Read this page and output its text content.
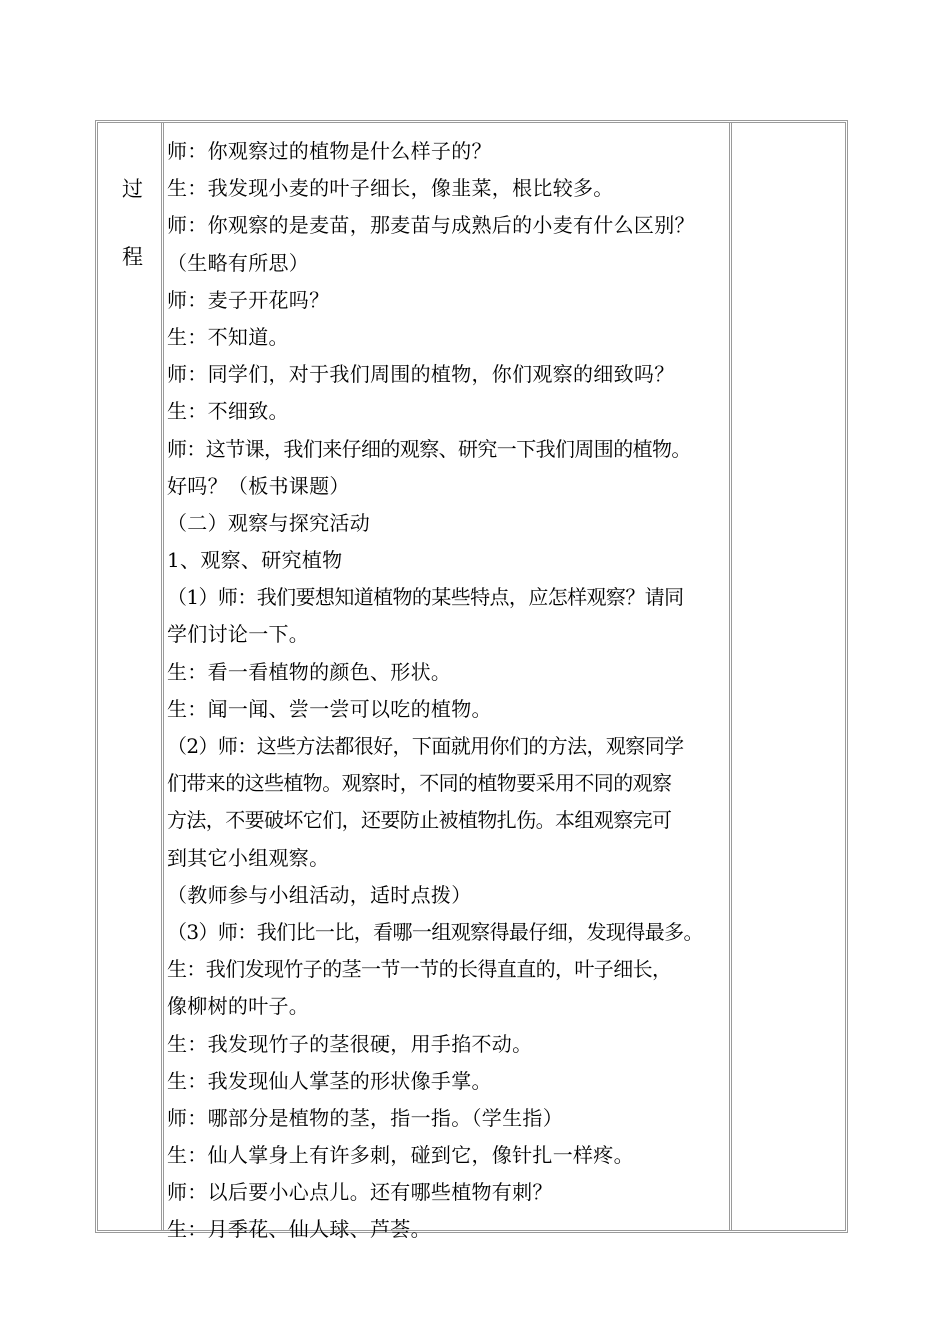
过
程
师：你观察过的植物是什么样子的？
生：我发现小麦的叶子细长，像韭菜，根比较多。
师：你观察的是麦苗，那麦苗与成熟后的小麦有什么区别？
（生略有所思）
师：麦子开花吗？
生：不知道。
师：同学们，对于我们周围的植物，你们观察的细致吗？
生：不细致。
师：这节课，我们来仔细的观察、研究一下我们周围的植物。
好吗？（板书课题）
（二）观察与探究活动
1、观察、研究植物
（1）师：我们要想知道植物的某些特点，应怎样观察？请同
学们讨论一下。
生：看一看植物的颜色、形状。
生：闻一闻、尝一尝可以吃的植物。
（2）师：这些方法都很好，下面就用你们的方法，观察同学
们带来的这些植物。观察时，不同的植物要采用不同的观察
方法，不要破坏它们，还要防止被植物扎伤。本组观察完可
到其它小组观察。
（教师参与小组活动，适时点拨）
（3）师：我们比一比，看哪一组观察得最仔细，发现得最多。
生：我们发现竹子的茎一节一节的长得直直的，叶子细长，
像柳树的叶子。
生：我发现竹子的茎很硬，用手掐不动。
生：我发现仙人掌茎的形状像手掌。
师：哪部分是植物的茎，指一指。（学生指）
生：仙人掌身上有许多刺，碰到它，像针扎一样疼。
师：以后要小心点儿。还有哪些植物有刺？
生：月季花、仙人球、芦荟。
